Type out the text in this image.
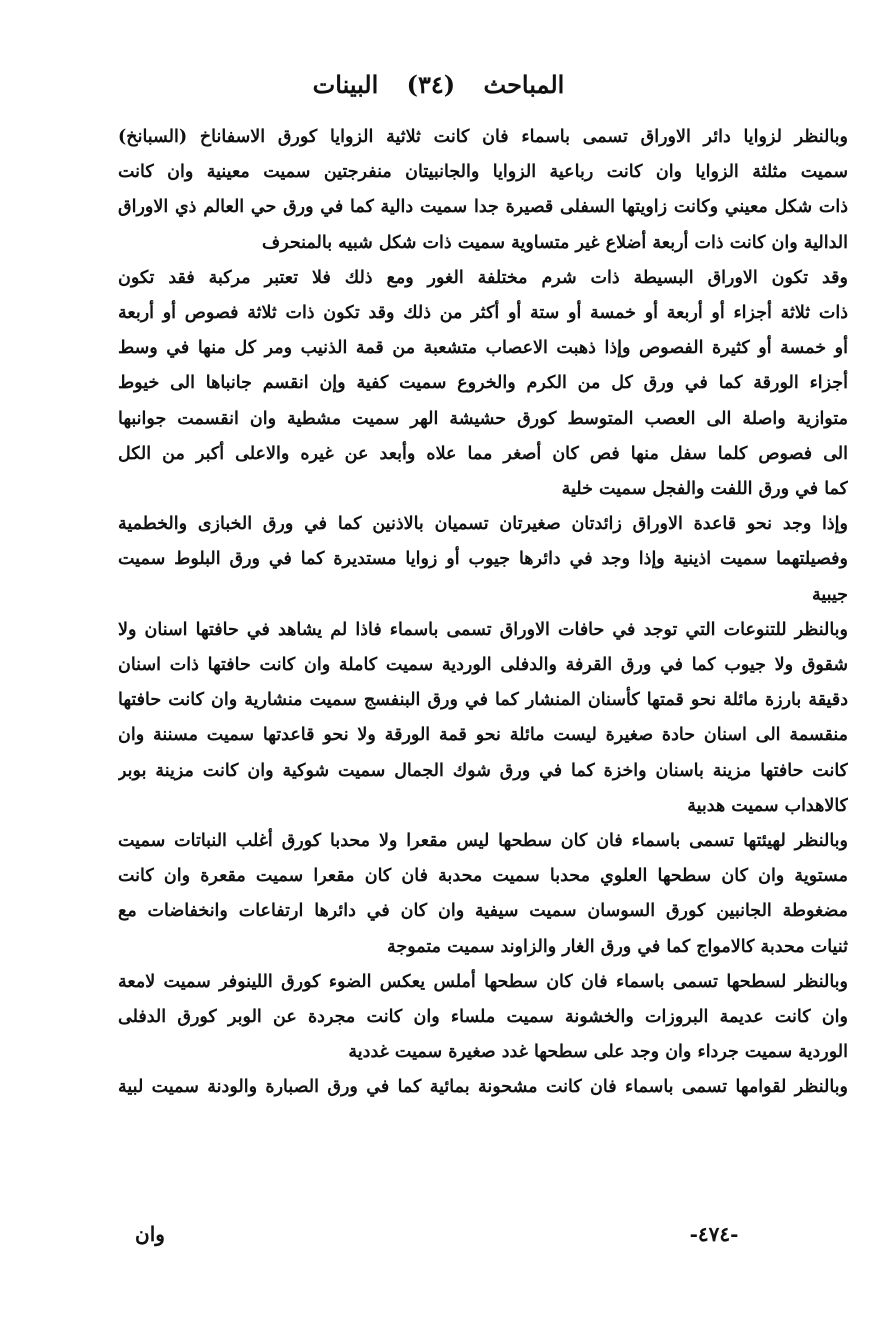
المباحث (٣٤) البينات
وبالنظر لزوايا دائر الاوراق تسمى باسماء فان كانت ثلاثية الزوايا كورق الاسفاناخ (السبانخ)
سميت مثلثة الزوايا وان كانت رباعية الزوايا والجانبيتان منفرجتين سميت معينية وان كانت
ذات شكل معيني وكانت زاويتها السفلى قصيرة جدا سميت دالية كما في ورق حي العالم ذي الاوراق
الدالية وان كانت ذات أربعة أضلاع غير متساوية سميت ذات شكل شبيه بالمنحرف
وقد تكون الاوراق البسيطة ذات شرم مختلفة الغور ومع ذلك فلا تعتبر مركبة فقد تكون
ذات ثلاثة أجزاء أو أربعة أو خمسة أو ستة أو أكثر من ذلك وقد تكون ذات ثلاثة فصوص أو أربعة
أو خمسة أو كثيرة الفصوص وإذا ذهبت الاعصاب متشعبة من قمة الذنيب ومر كل منها في وسط
أجزاء الورقة كما في ورق كل من الكرم والخروع سميت كفية وإن انقسم جانباها الى خيوط
متوازية واصلة الى العصب المتوسط كورق حشيشة الهر سميت مشطية وان انقسمت جوانبها
الى فصوص كلما سفل منها فص كان أصغر مما علاه وأبعد عن غيره والاعلى أكبر من الكل
كما في ورق اللفت والفجل سميت خلية
وإذا وجد نحو قاعدة الاوراق زائدتان صغيرتان تسميان بالاذنين كما في ورق الخبازى والخطمية
وفصيلتهما سميت اذينية وإذا وجد في دائرها جيوب أو زوايا مستديرة كما في ورق البلوط سميت
جيبية
وبالنظر للتنوعات التي توجد في حافات الاوراق تسمى باسماء فاذا لم يشاهد في حافتها اسنان ولا
شقوق ولا جيوب كما في ورق القرفة والدفلى الوردية سميت كاملة وان كانت حافتها ذات اسنان
دقيقة بارزة مائلة نحو قمتها كأسنان المنشار كما في ورق البنفسج سميت منشارية وان كانت حافتها
منقسمة الى اسنان حادة صغيرة ليست مائلة نحو قمة الورقة ولا نحو قاعدتها سميت مسننة وان
كانت حافتها مزينة باسنان واخزة كما في ورق شوك الجمال سميت شوكية وان كانت مزينة بوبر
كالاهداب سميت هدبية
وبالنظر لهيئتها تسمى باسماء فان كان سطحها ليس مقعرا ولا محدبا كورق أغلب النباتات سميت
مستوية وان كان سطحها العلوي محدبا سميت محدبة فان كان مقعرا سميت مقعرة وان كانت
مضغوطة الجانبين كورق السوسان سميت سيفية وان كان في دائرها ارتفاعات وانخفاضات مع
ثنيات محدبة كالامواج كما في ورق الغار والزاوند سميت متموجة
وبالنظر لسطحها تسمى باسماء فان كان سطحها أملس يعكس الضوء كورق اللينوفر سميت لامعة
وان كانت عديمة البروزات والخشونة سميت ملساء وان كانت مجردة عن الوبر كورق الدفلى
الوردية سميت جرداء وان وجد على سطحها غدد صغيرة سميت غددية
وبالنظر لقوامها تسمى باسماء فان كانت مشحونة بمائية كما في ورق الصبارة والودنة سميت لبية
وان	-٤٧٤-
